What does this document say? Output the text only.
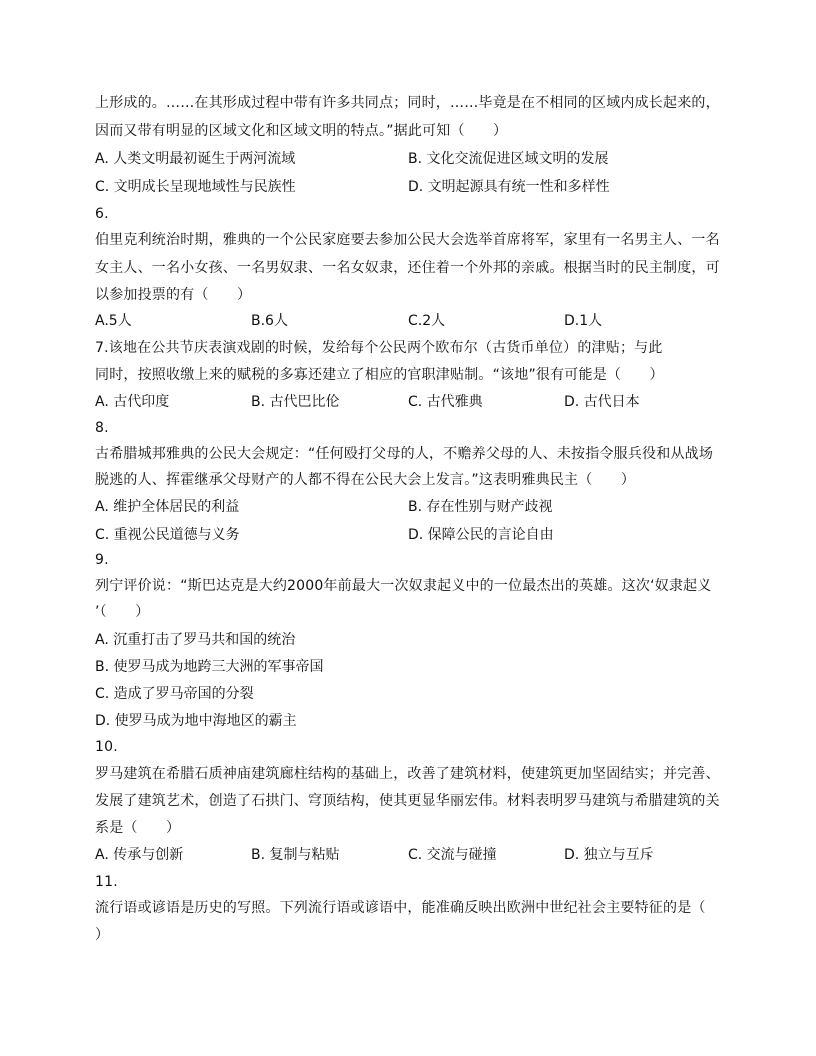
上形成的。……在其形成过程中带有许多共同点；同时，……毕竟是在不相同的区域内成长起来的，
因而又带有明显的区域文化和区域文明的特点。”据此可知（　　）
A. 人类文明最初诞生于两河流域	B. 文化交流促进区域文明的发展
C. 文明成长呈现地域性与民族性	D. 文明起源具有统一性和多样性
6.
伯里克利统治时期，雅典的一个公民家庭要去参加公民大会选举首席将军，家里有一名男主人、一名
女主人、一名小女孩、一名男奴隶、一名女奴隶，还住着一个外邦的亲戚。根据当时的民主制度，可
以参加投票的有（　　）
A.5人	B.6人	C.2人	D.1人
7.该地在公共节庆表演戏剧的时候，发给每个公民两个欧布尔（古货币单位）的津贴；与此
同时，按照收缴上来的赋税的多寡还建立了相应的官职津贴制。“该地”很有可能是（　　）
A. 古代印度	B. 古代巴比伦	C. 古代雅典	D. 古代日本
8.
古希腊城邦雅典的公民大会规定：“任何殴打父母的人，不赡养父母的人、未按指令服兵役和从战场
脱逃的人、挥霍继承父母财产的人都不得在公民大会上发言。”这表明雅典民主（　　）
A. 维护全体居民的利益	B. 存在性别与财产歧视
C. 重视公民道德与义务	D. 保障公民的言论自由
9.
列宁评价说：“斯巴达克是大约2000年前最大一次奴隶起义中的一位最杰出的英雄。这次‘奴隶起义
’（　　）
A. 沉重打击了罗马共和国的统治
B. 使罗马成为地跨三大洲的军事帝国
C. 造成了罗马帝国的分裂
D. 使罗马成为地中海地区的霸主
10.
罗马建筑在希腊石质神庙建筑廊柱结构的基础上，改善了建筑材料，使建筑更加坚固结实；并完善、
发展了建筑艺术，创造了石拱门、穹顶结构，使其更显华丽宏伟。材料表明罗马建筑与希腊建筑的关
系是（　　）
A. 传承与创新	B. 复制与粘贴	C. 交流与碰撞	D. 独立与互斥
11.
流行语或谚语是历史的写照。下列流行语或谚语中，能准确反映出欧洲中世纪社会主要特征的是（
）
